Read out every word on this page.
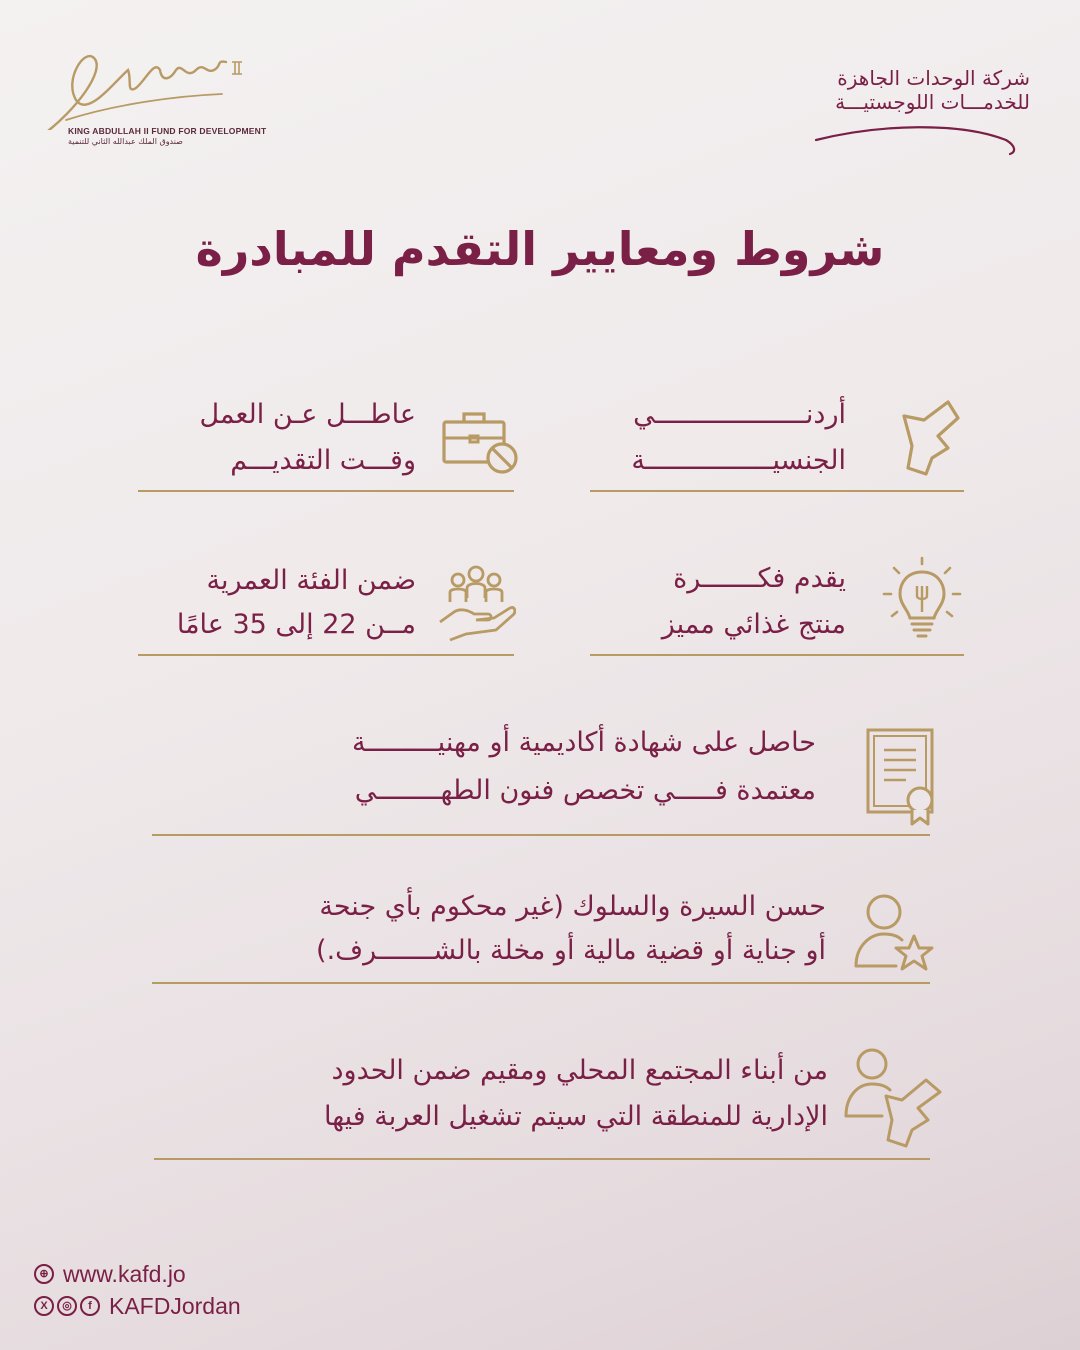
KING ABDULLAH II FUND FOR DEVELOPMENT
صندوق الملك عبدالله الثاني للتنمية
شركة الوحدات الجاهزة
للخدمـــات اللوجستيـــة
شروط ومعايير التقدم للمبادرة
أردنـــــــــــــــــــي
الجنسيــــــــــــــــة
عاطـــل عـن العمل
وقـــت التقديـــم
يقدم فكـــــــرة
منتج غذائي مميز
ضمن الفئة العمرية
مــن 22 إلى 35 عامًا
حاصل على شهادة أكاديمية أو مهنيـــــــــة
معتمدة فـــــي تخصص فنون الطهــــــــي
حسن السيرة والسلوك (غير محكوم بأي جنحة
أو جناية أو قضية مالية أو مخلة بالشـــــــرف.)
من أبناء المجتمع المحلي ومقيم ضمن الحدود
الإدارية للمنطقة التي سيتم تشغيل العربة فيها
⊕ www.kafd.jo
X	◎	f KAFDJordan
